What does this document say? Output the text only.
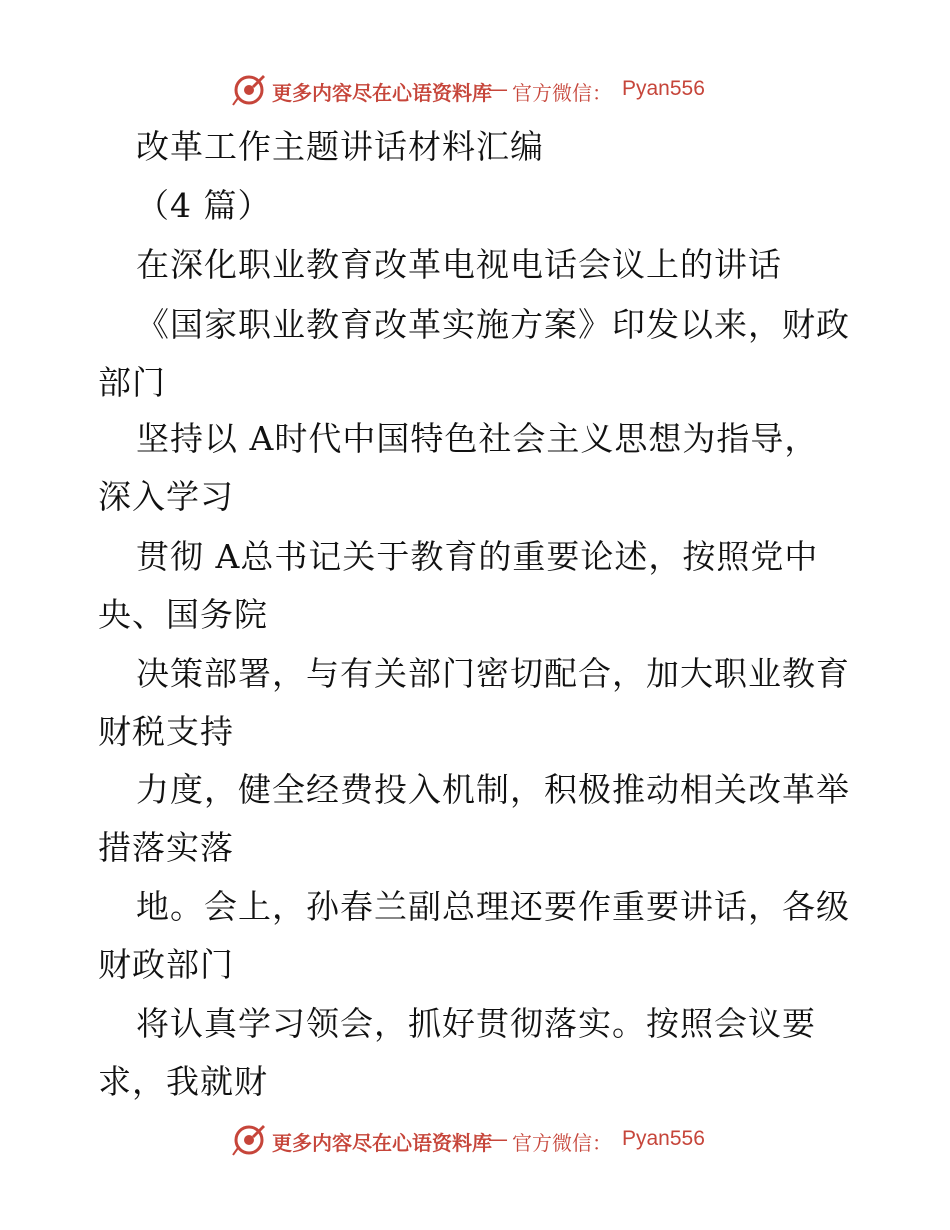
更多内容尽在心语资料库
— 官方微信： Pyan556
改革工作主题讲话材料汇编
（4 篇）
在深化职业教育改革电视电话会议上的讲话
《国家职业教育改革实施方案》印发以来，财政
部门
坚持以 A时代中国特色社会主义思想为指导，
深入学习
贯彻 A总书记关于教育的重要论述，按照党中
央、国务院
决策部署，与有关部门密切配合，加大职业教育
财税支持
力度，健全经费投入机制，积极推动相关改革举
措落实落
地。会上，孙春兰副总理还要作重要讲话，各级
财政部门
将认真学习领会，抓好贯彻落实。按照会议要
求，我就财
更多内容尽在心语资料库
— 官方微信： Pyan556
